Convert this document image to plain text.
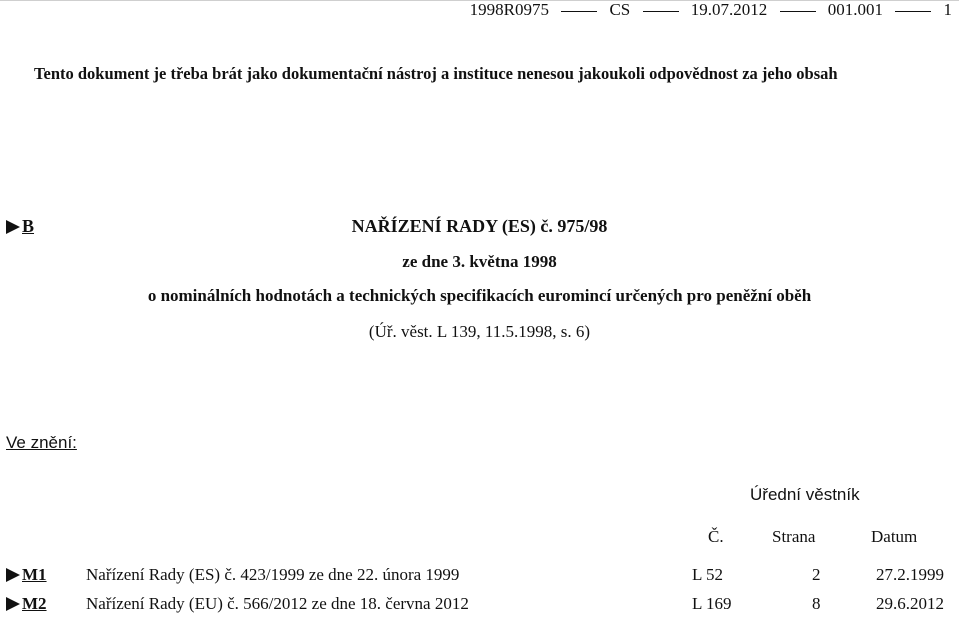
1998R0975	CS	19.07.2012	001.001	1
Tento dokument je třeba brát jako dokumentační nástroj a instituce nenesou jakoukoli odpovědnost za jeho obsah
B	NAŘÍZENÍ RADY (ES) č. 975/98
ze dne 3. května 1998
o nominálních hodnotách a technických specifikacích euromincí určených pro peněžní oběh
(Úř. věst. L 139, 11.5.1998, s. 6)
Ve znění:
Úřední věstník
Č.	Strana	Datum
M1 Nařízení Rady (ES) č. 423/1999 ze dne 22. února 1999	L 52	2	27.2.1999
M2 Nařízení Rady (EU) č. 566/2012 ze dne 18. června 2012	L 169	8	29.6.2012
